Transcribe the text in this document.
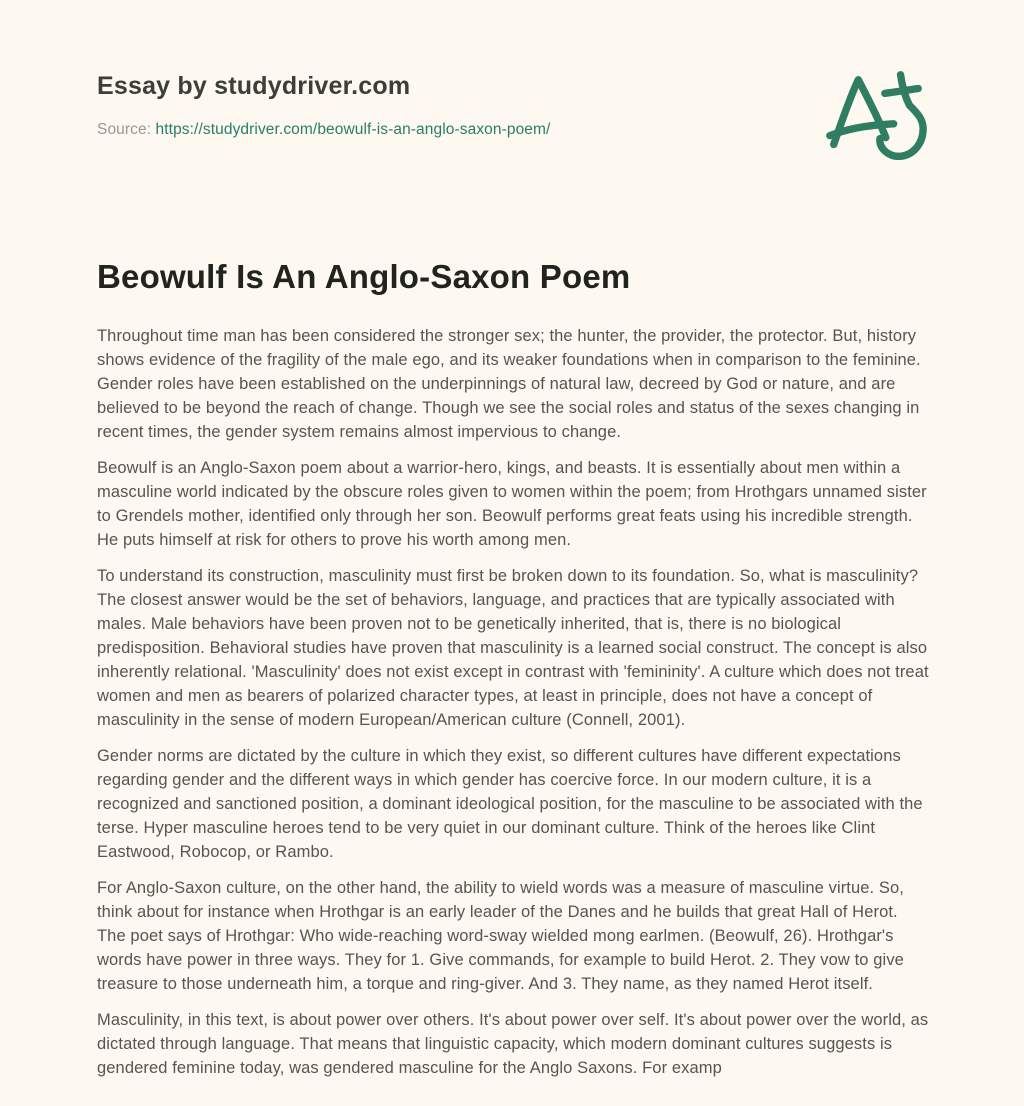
Essay by studydriver.com
Source: https://studydriver.com/beowulf-is-an-anglo-saxon-poem/
Beowulf Is An Anglo-Saxon Poem

Throughout time man has been considered the stronger sex; the hunter, the provider, the protector. But, history shows evidence of the fragility of the male ego, and its weaker foundations when in comparison to the feminine. Gender roles have been established on the underpinnings of natural law, decreed by God or nature, and are believed to be beyond the reach of change. Though we see the social roles and status of the sexes changing in recent times, the gender system remains almost impervious to change.

Beowulf is an Anglo-Saxon poem about a warrior-hero, kings, and beasts. It is essentially about men within a masculine world indicated by the obscure roles given to women within the poem; from Hrothgars unnamed sister to Grendels mother, identified only through her son. Beowulf performs great feats using his incredible strength. He puts himself at risk for others to prove his worth among men.

To understand its construction, masculinity must first be broken down to its foundation. So, what is masculinity? The closest answer would be the set of behaviors, language, and practices that are typically associated with males. Male behaviors have been proven not to be genetically inherited, that is, there is no biological predisposition. Behavioral studies have proven that masculinity is a learned social construct. The concept is also inherently relational. 'Masculinity' does not exist except in contrast with 'femininity'. A culture which does not treat women and men as bearers of polarized character types, at least in principle, does not have a concept of masculinity in the sense of modern European/American culture (Connell, 2001).

Gender norms are dictated by the culture in which they exist, so different cultures have different expectations regarding gender and the different ways in which gender has coercive force. In our modern culture, it is a recognized and sanctioned position, a dominant ideological position, for the masculine to be associated with the terse. Hyper masculine heroes tend to be very quiet in our dominant culture. Think of the heroes like Clint Eastwood, Robocop, or Rambo.

For Anglo-Saxon culture, on the other hand, the ability to wield words was a measure of masculine virtue. So, think about for instance when Hrothgar is an early leader of the Danes and he builds that great Hall of Herot. The poet says of Hrothgar: Who wide-reaching word-sway wielded mong earlmen. (Beowulf, 26). Hrothgar's words have power in three ways. They for 1. Give commands, for example to build Herot. 2. They vow to give treasure to those underneath him, a torque and ring-giver. And 3. They name, as they named Herot itself.

Masculinity, in this text, is about power over others. It's about power over self. It's about power over the world, as dictated through language. That means that linguistic capacity, which modern dominant cultures suggests is gendered feminine today, was gendered masculine for the Anglo Saxons. For examp
